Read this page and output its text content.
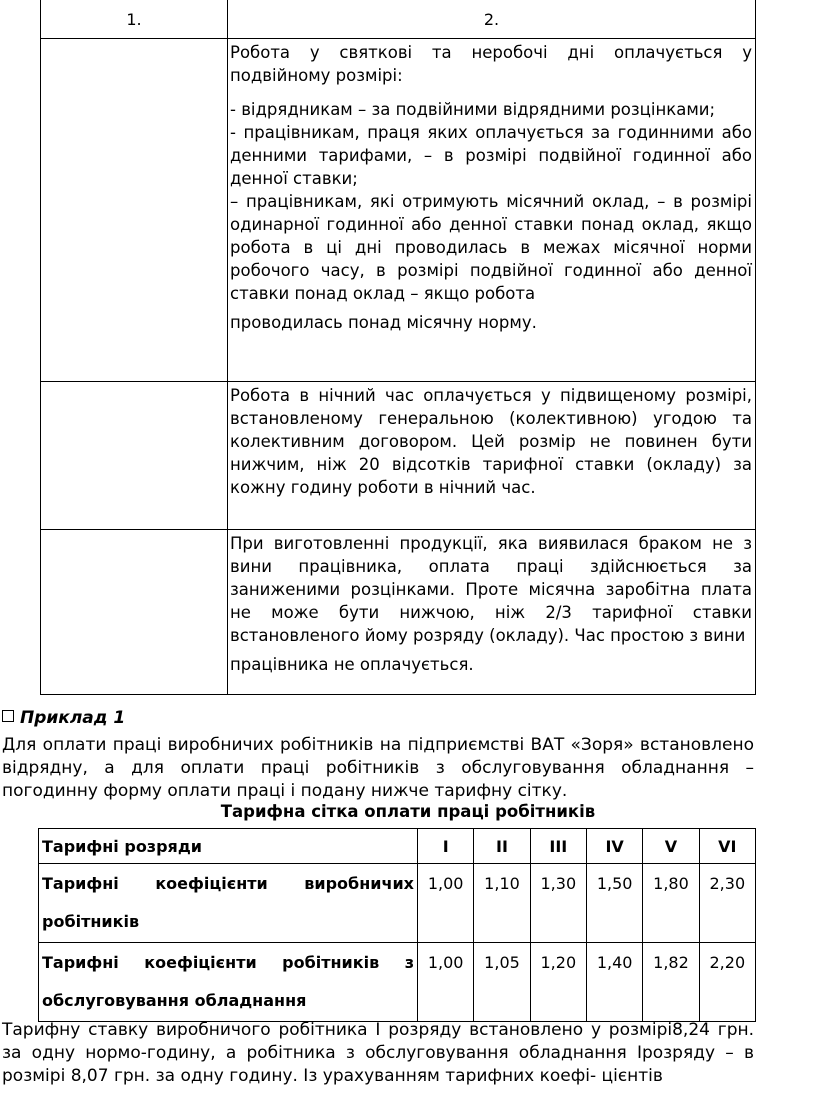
1.	2.

	Робота у святкові та неробочі дні оплачується у подвійному розмірі:

- відрядникам – за подвійними відрядними розцінками;

- працівникам, праця яких оплачується за годинними або денними тарифами, – в розмірі подвійної годинної або денної ставки;

– працівникам, які отримують місячний оклад, – в розмірі одинарної годинної або денної ставки понад оклад, якщо робота в ці дні проводилась в межах місячної норми робочого часу, в розмірі подвійної годинної або денної ставки понад оклад – якщо робота

проводилась понад місячну норму.

	Робота в нічний час оплачується у підвищеному розмірі, встановленому генеральною (колективною) угодою та колективним договором. Цей розмір не повинен бути нижчим, ніж 20 відсотків тарифної ставки (окладу) за кожну годину роботи в нічний час.

	При виготовленні продукції, яка виявилася браком не з вини працівника, оплата праці здійснюється за заниженими розцінками. Проте місячна заробітна плата не може бути нижчою, ніж 2/3 тарифної ставки встановленого йому розряду (окладу). Час простою з вини

працівника не оплачується.

Приклад 1
Для оплати праці виробничих робітників на підприємстві ВАТ «Зоря» встановлено відрядну, а для оплати праці робітників з обслуговування обладнання – погодинну форму оплати праці і подану нижче тарифну сітку.
Тарифна сітка оплати праці робітників
Тарифні розряди	I	II	III	IV	V	VI
Тарифні коефіцієнти виробничих робітників	1,00	1,10	1,30	1,50	1,80	2,30
Тарифні коефіцієнти робітників з обслуговування обладнання	1,00	1,05	1,20	1,40	1,82	2,20
Тарифну ставку виробничого робітника І розряду встановлено у розмірі8,24 грн. за одну нормо-годину, а робітника з обслуговування обладнання Ірозряду – в розмірі 8,07 грн. за одну годину. Із урахуванням тарифних коефі- цієнтів
